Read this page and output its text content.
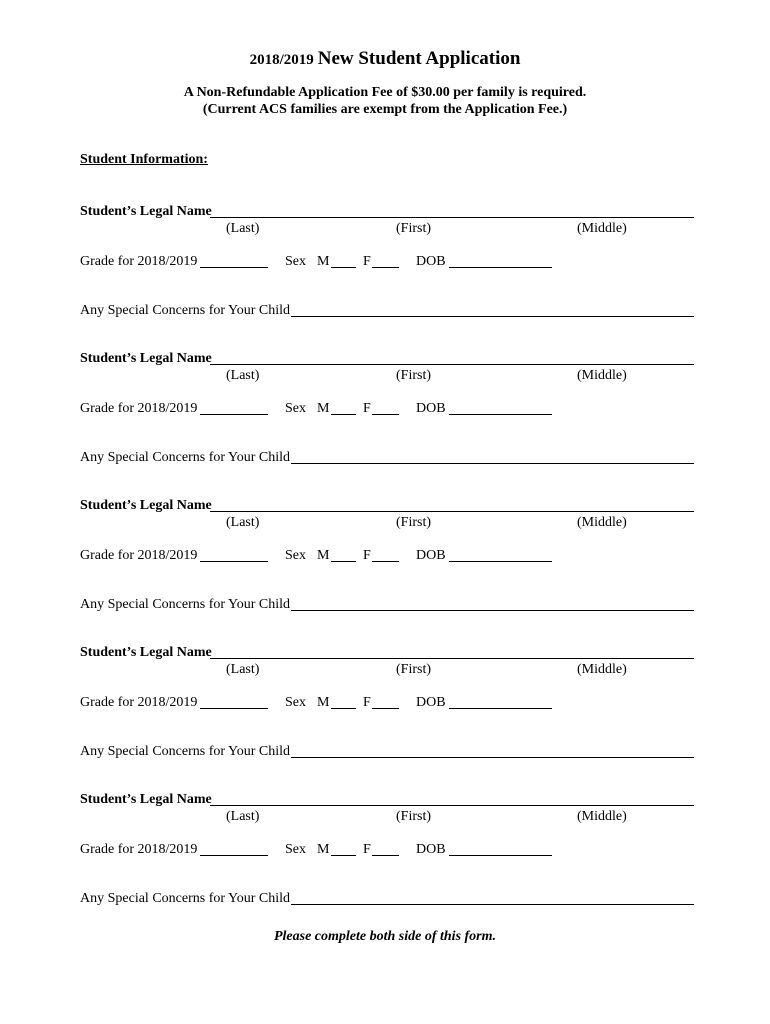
2018/2019 New Student Application
A Non-Refundable Application Fee of $30.00 per family is required.
(Current ACS families are exempt from the Application Fee.)
Student Information:
Student’s Legal Name
(Last)	(First)	(Middle)
Grade for 2018/2019	Sex M F	DOB
Any Special Concerns for Your Child
Student’s Legal Name
(Last)	(First)	(Middle)
Grade for 2018/2019	Sex M F	DOB
Any Special Concerns for Your Child
Student’s Legal Name
(Last)	(First)	(Middle)
Grade for 2018/2019	Sex M F	DOB
Any Special Concerns for Your Child
Student’s Legal Name
(Last)	(First)	(Middle)
Grade for 2018/2019	Sex M F	DOB
Any Special Concerns for Your Child
Student’s Legal Name
(Last)	(First)	(Middle)
Grade for 2018/2019	Sex M F	DOB
Any Special Concerns for Your Child
Please complete both side of this form.
